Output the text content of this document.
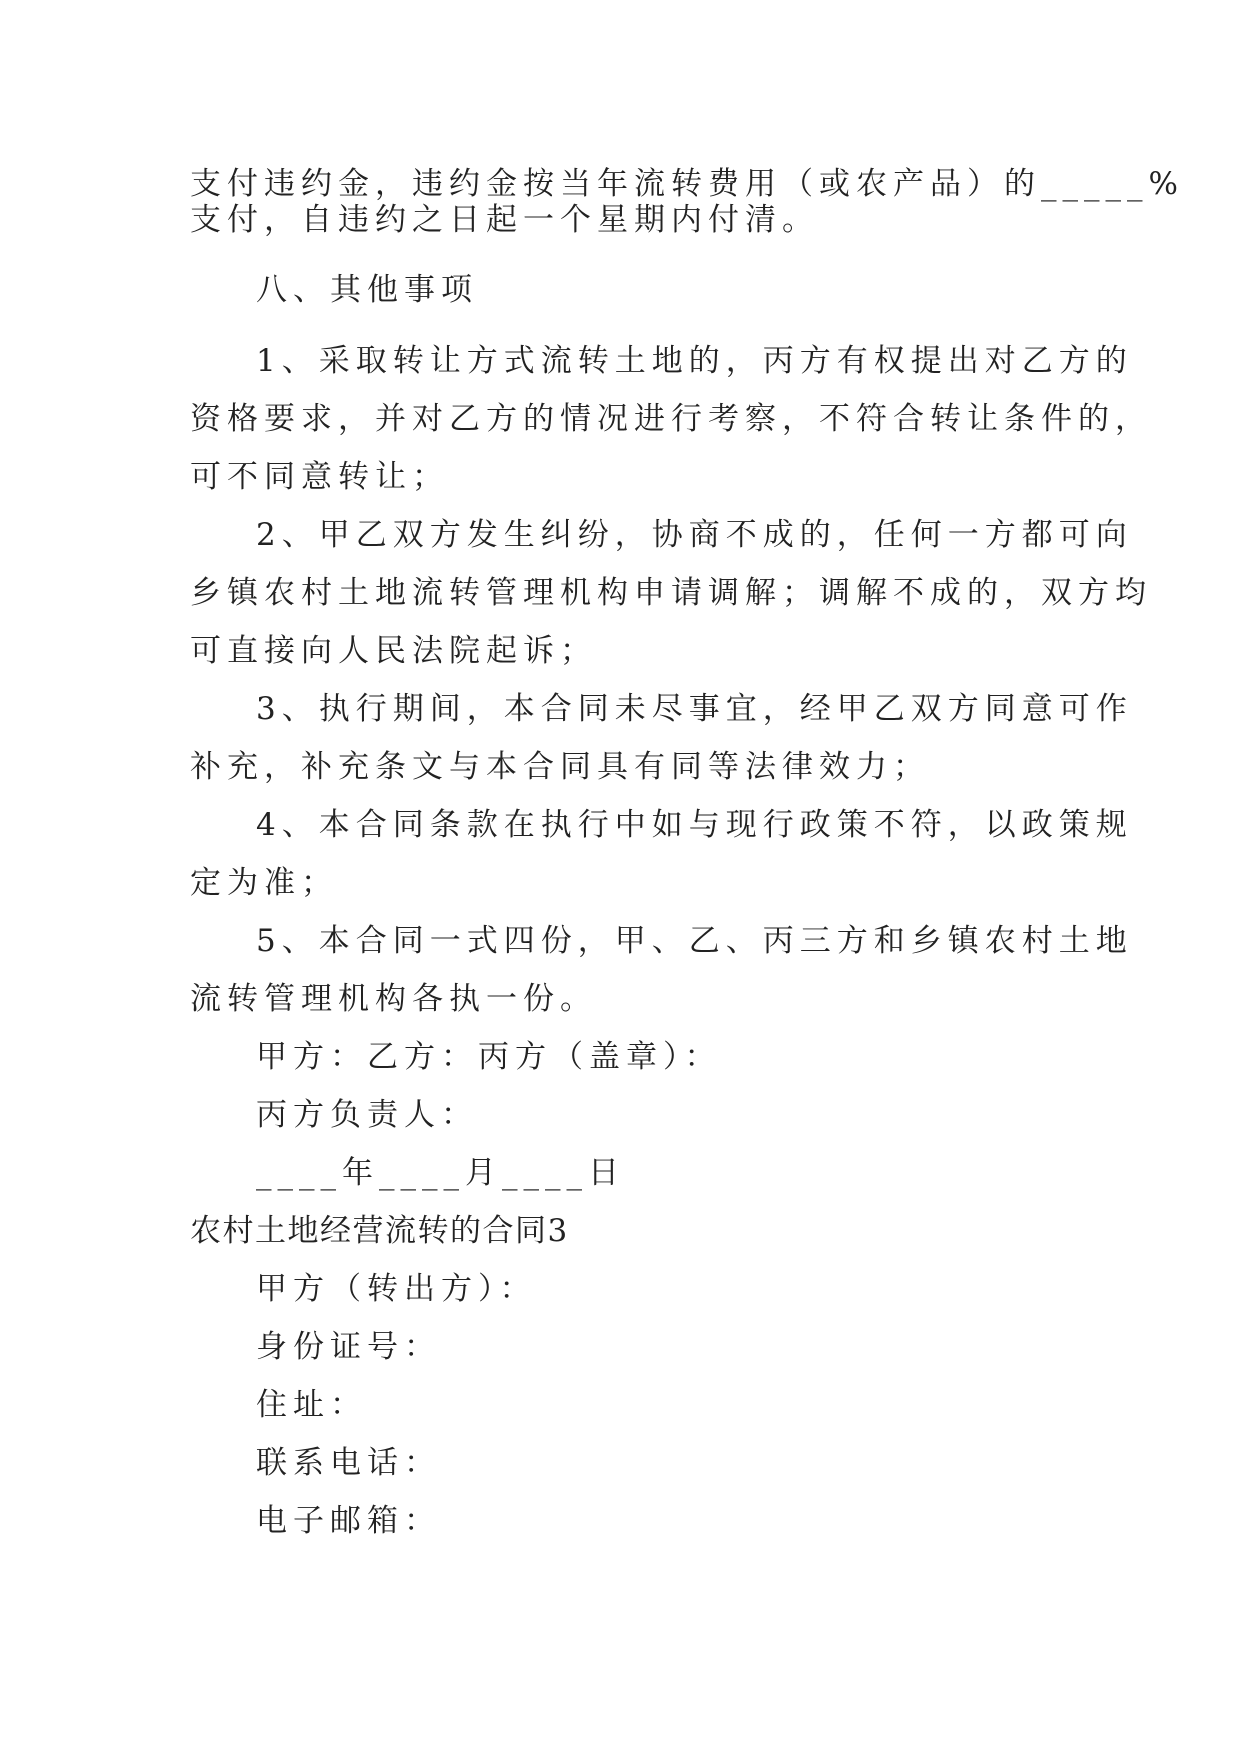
支付违约金，违约金按当年流转费用（或农产品）的_____%
支付，自违约之日起一个星期内付清。
八、其他事项
1、采取转让方式流转土地的，丙方有权提出对乙方的
资格要求，并对乙方的情况进行考察，不符合转让条件的，
可不同意转让；
2、甲乙双方发生纠纷，协商不成的，任何一方都可向
乡镇农村土地流转管理机构申请调解；调解不成的，双方均
可直接向人民法院起诉；
3、执行期间，本合同未尽事宜，经甲乙双方同意可作
补充，补充条文与本合同具有同等法律效力；
4、本合同条款在执行中如与现行政策不符，以政策规
定为准；
5、本合同一式四份，甲、乙、丙三方和乡镇农村土地
流转管理机构各执一份。
甲方：乙方：丙方（盖章）：
丙方负责人：
____年____月____日
农村土地经营流转的合同3
甲方（转出方）：
身份证号：
住址：
联系电话：
电子邮箱：
